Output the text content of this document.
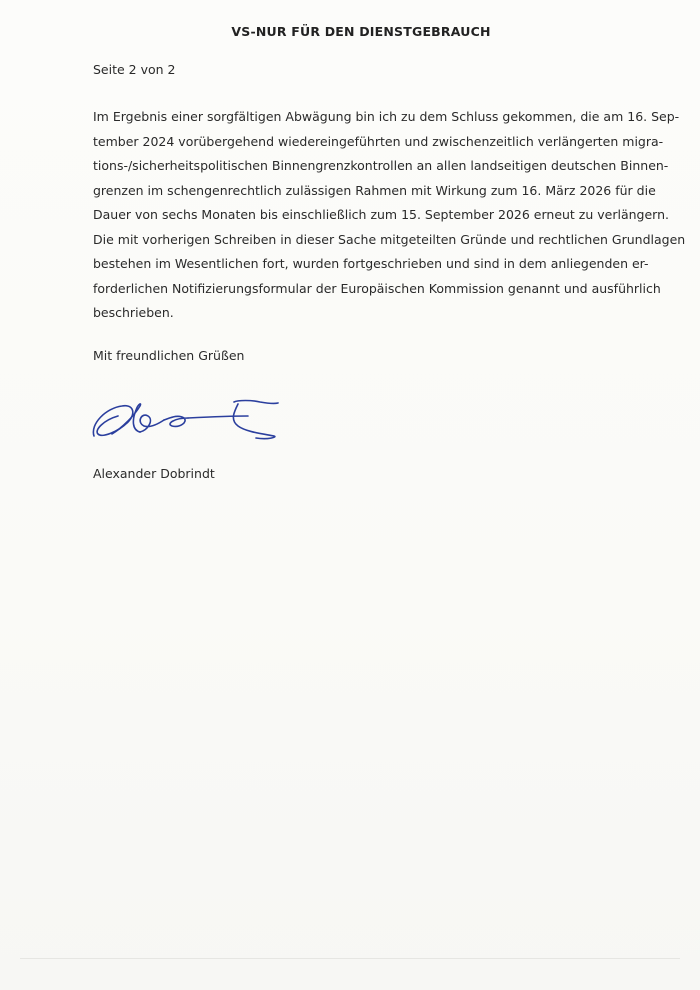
VS-NUR FÜR DEN DIENSTGEBRAUCH
Seite 2 von 2

Im Ergebnis einer sorgfältigen Abwägung bin ich zu dem Schluss gekommen, die am 16. Sep-
tember 2024 vorübergehend wiedereingeführten und zwischenzeitlich verlängerten migra-
tions-/sicherheitspolitischen Binnengrenzkontrollen an allen landseitigen deutschen Binnen-
grenzen im schengenrechtlich zulässigen Rahmen mit Wirkung zum 16. März 2026 für die
Dauer von sechs Monaten bis einschließlich zum 15. September 2026 erneut zu verlängern.
Die mit vorherigen Schreiben in dieser Sache mitgeteilten Gründe und rechtlichen Grundlagen
bestehen im Wesentlichen fort, wurden fortgeschrieben und sind in dem anliegenden er-
forderlichen Notifizierungsformular der Europäischen Kommission genannt und ausführlich
beschrieben.

Mit freundlichen Grüßen
Alexander Dobrindt
